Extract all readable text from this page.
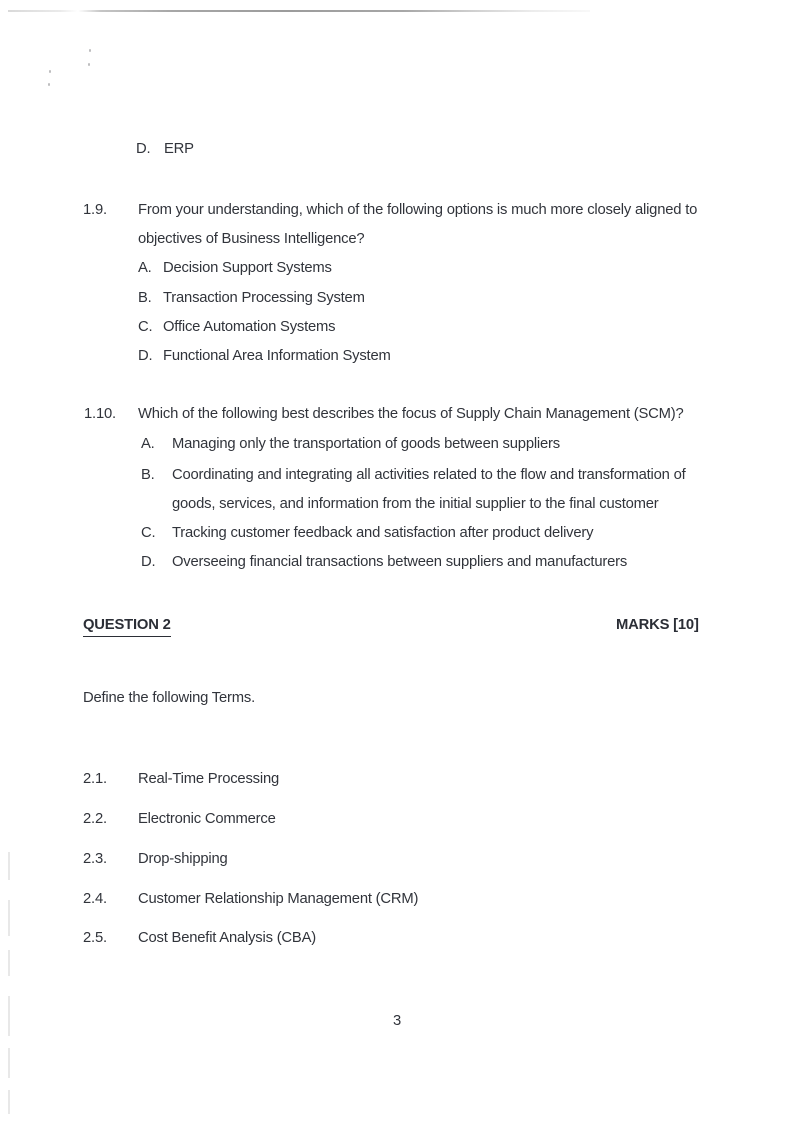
D. ERP
1.9. From your understanding, which of the following options is much more closely aligned to
objectives of Business Intelligence?
A. Decision Support Systems
B. Transaction Processing System
C. Office Automation Systems
D. Functional Area Information System
1.10. Which of the following best describes the focus of Supply Chain Management (SCM)?
A. Managing only the transportation of goods between suppliers
B. Coordinating and integrating all activities related to the flow and transformation of
goods, services, and information from the initial supplier to the final customer
C. Tracking customer feedback and satisfaction after product delivery
D. Overseeing financial transactions between suppliers and manufacturers
QUESTION 2	MARKS [10]
Define the following Terms.
2.1. Real-Time Processing
2.2. Electronic Commerce
2.3. Drop-shipping
2.4. Customer Relationship Management (CRM)
2.5. Cost Benefit Analysis (CBA)
3
